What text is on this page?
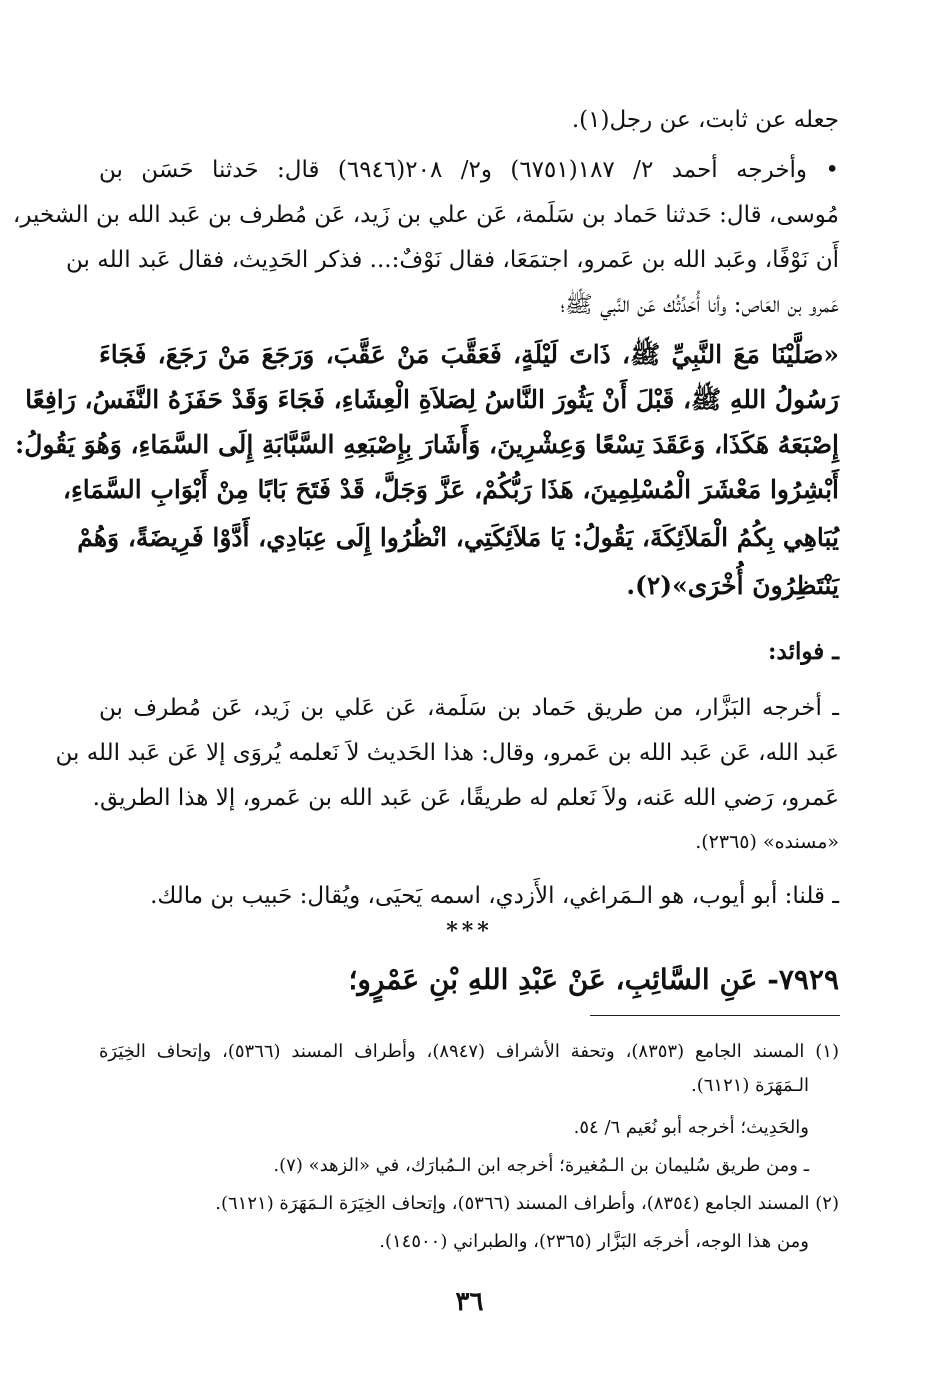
جعله عن ثابت، عن رجل(١).
• وأخرجه أحمد ٢/ ١٨٧(٦٧٥١) و٢/ ٢٠٨(٦٩٤٦) قال: حَدثنا حَسَن بن
مُوسى، قال: حَدثنا حَماد بن سَلَمة، عَن علي بن زَيد، عَن مُطرف بن عَبد الله بن الشخير،
أَن نَوْفًا، وعَبد الله بن عَمرو، اجتمَعَا، فقال نَوْفٌ:... فذكر الحَدِيث، فقال عَبد الله بن
عَمرو بن العَاص: وأنا أُحَدِّثُك عَن النَّبي ﷺ؛
«صَلَّيْنَا مَعَ النَّبِيِّ ﷺ، ذَاتَ لَيْلَةٍ، فَعَقَّبَ مَنْ عَقَّبَ، وَرَجَعَ مَنْ رَجَعَ، فَجَاءَ
رَسُولُ اللهِ ﷺ، قَبْلَ أَنْ يَثُورَ النَّاسُ لِصَلاَةِ الْعِشَاءِ، فَجَاءَ وَقَدْ حَفَزَهُ النَّفَسُ، رَافِعًا
إِصْبَعَهُ هَكَذَا، وَعَقَدَ تِسْعًا وَعِشْرِينَ، وَأَشَارَ بِإِصْبَعِهِ السَّبَّابَةِ إِلَى السَّمَاءِ، وَهُوَ يَقُولُ:
أَبْشِرُوا مَعْشَرَ الْمُسْلِمِينَ، هَذَا رَبُّكُمْ، عَزَّ وَجَلَّ، قَدْ فَتَحَ بَابًا مِنْ أَبْوَابِ السَّمَاءِ،
يُبَاهِي بِكُمُ الْمَلاَئِكَةَ، يَقُولُ: يَا مَلاَئِكَتِي، انْظُرُوا إِلَى عِبَادِي، أَدَّوْا فَرِيضَةً، وَهُمْ
يَنْتَظِرُونَ أُخْرَى»(٢).
ـ فوائد:
ـ أخرجه البَزَّار، من طريق حَماد بن سَلَمة، عَن عَلي بن زَيد، عَن مُطرف بن
عَبد الله، عَن عَبد الله بن عَمرو، وقال: هذا الحَديث لاَ نَعلمه يُروَى إلا عَن عَبد الله بن
عَمرو، رَضي الله عَنه، ولاَ نَعلم له طريقًا، عَن عَبد الله بن عَمرو، إلا هذا الطريق.
«مسنده» (٢٣٦٥).
ـ قلنا: أبو أيوب، هو الـمَراغي، الأَزدي، اسمه يَحيَى، ويُقال: حَبيب بن مالك.
***
٧٩٢٩- عَنِ السَّائِبِ، عَنْ عَبْدِ اللهِ بْنِ عَمْرٍو؛
(١) المسند الجامع (٨٣٥٣)، وتحفة الأشراف (٨٩٤٧)، وأطراف المسند (٥٣٦٦)، وإتحاف الخِيَرَة
الـمَهَرَة (٦١٢١).
والحَدِيث؛ أخرجه أبو نُعَيم ٦/ ٥٤.
ـ ومن طريق سُليمان بن الـمُغيرة؛ أخرجه ابن الـمُبارَك، في «الزهد» (٧).
(٢) المسند الجامع (٨٣٥٤)، وأطراف المسند (٥٣٦٦)، وإتحاف الخِيَرَة الـمَهَرَة (٦١٢١).
ومن هذا الوجه، أخرجَه البَزَّار (٢٣٦٥)، والطبراني (١٤٥٠٠).
٣٦
